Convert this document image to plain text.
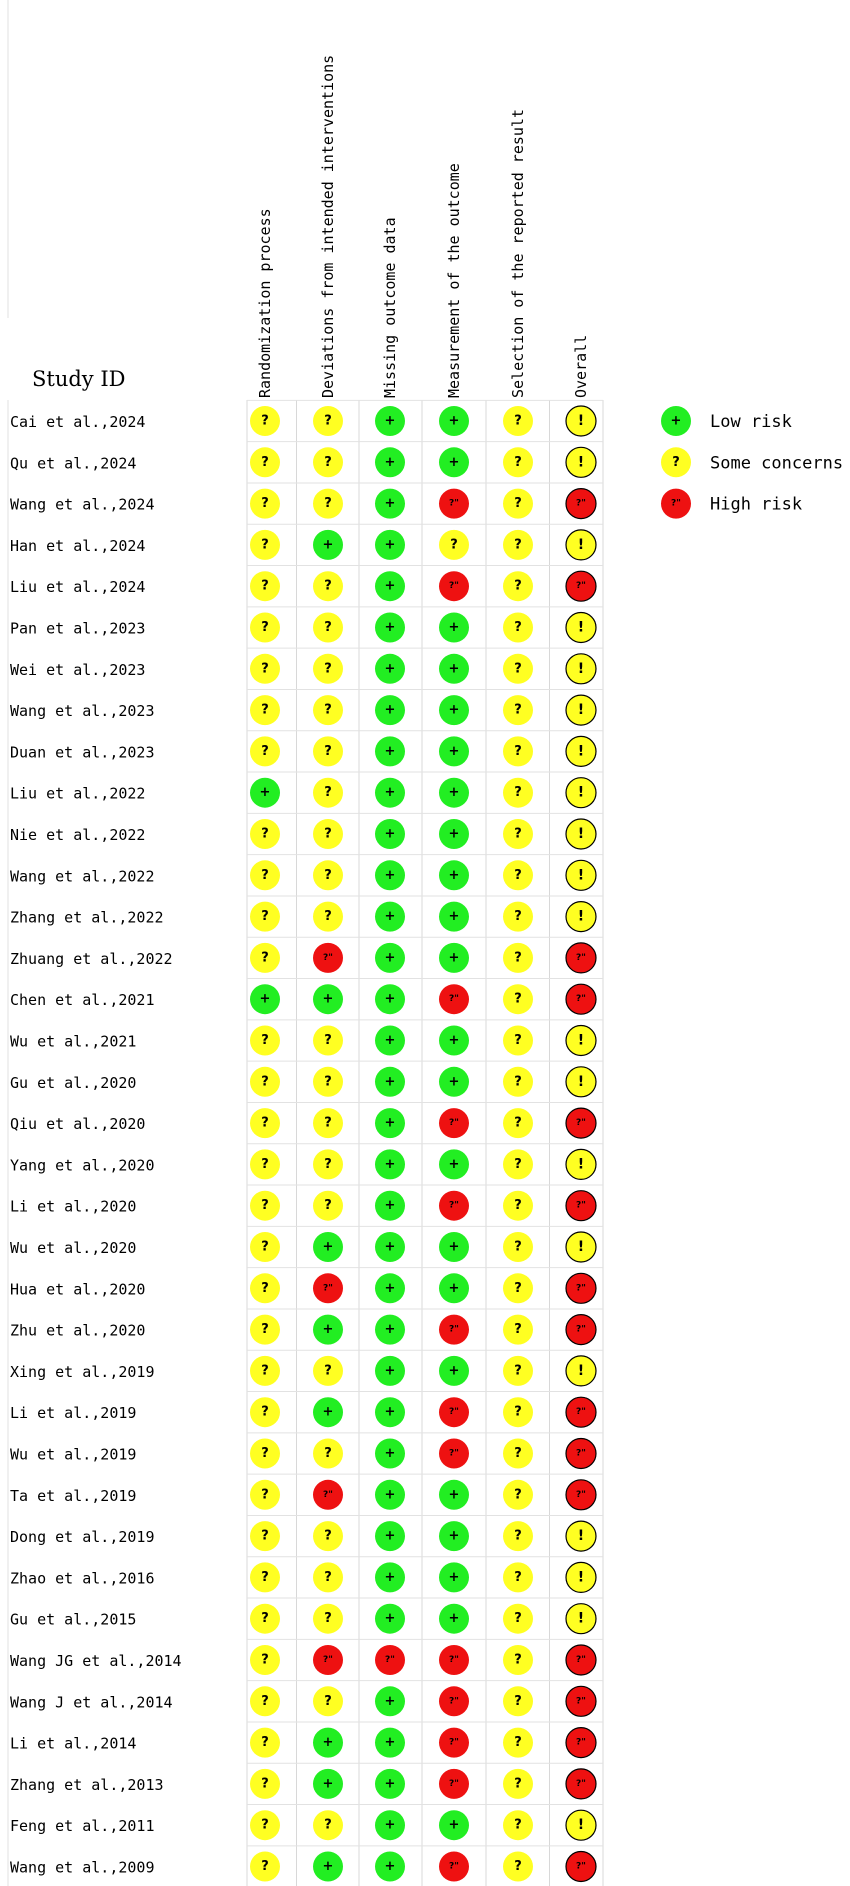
Study ID	Randomization process	Deviations from intended interventions	Missing outcome data	Measurement of the outcome	Selection of the reported result	Overall
Cai et al.,2024	?	?	+	+	?	!
Qu et al.,2024	?	?	+	+	?	!
Wang et al.,2024	?	?	+	?"	?	?"
Han et al.,2024	?	+	+	?	?	!
Liu et al.,2024	?	?	+	?"	?	?"
Pan et al.,2023	?	?	+	+	?	!
Wei et al.,2023	?	?	+	+	?	!
Wang et al.,2023	?	?	+	+	?	!
Duan et al.,2023	?	?	+	+	?	!
Liu et al.,2022	+	?	+	+	?	!
Nie et al.,2022	?	?	+	+	?	!
Wang et al.,2022	?	?	+	+	?	!
Zhang et al.,2022	?	?	+	+	?	!
Zhuang et al.,2022	?	?"	+	+	?	?"
Chen et al.,2021	+	+	+	?"	?	?"
Wu et al.,2021	?	?	+	+	?	!
Gu et al.,2020	?	?	+	+	?	!
Qiu et al.,2020	?	?	+	?"	?	?"
Yang et al.,2020	?	?	+	+	?	!
Li et al.,2020	?	?	+	?"	?	?"
Wu et al.,2020	?	+	+	+	?	!
Hua et al.,2020	?	?"	+	+	?	?"
Zhu et al.,2020	?	+	+	?"	?	?"
Xing et al.,2019	?	?	+	+	?	!
Li et al.,2019	?	+	+	?"	?	?"
Wu et al.,2019	?	?	+	?"	?	?"
Ta et al.,2019	?	?"	+	+	?	?"
Dong et al.,2019	?	?	+	+	?	!
Zhao et al.,2016	?	?	+	+	?	!
Gu et al.,2015	?	?	+	+	?	!
Wang JG et al.,2014	?	?"	?"	?"	?	?"
Wang J et al.,2014	?	?	+	?"	?	?"
Li et al.,2014	?	+	+	?"	?	?"
Zhang et al.,2013	?	+	+	?"	?	?"
Feng et al.,2011	?	?	+	+	?	!
Wang et al.,2009	?	+	+	?"	?	?"
+ Low risk
? Some concerns
?" High risk
